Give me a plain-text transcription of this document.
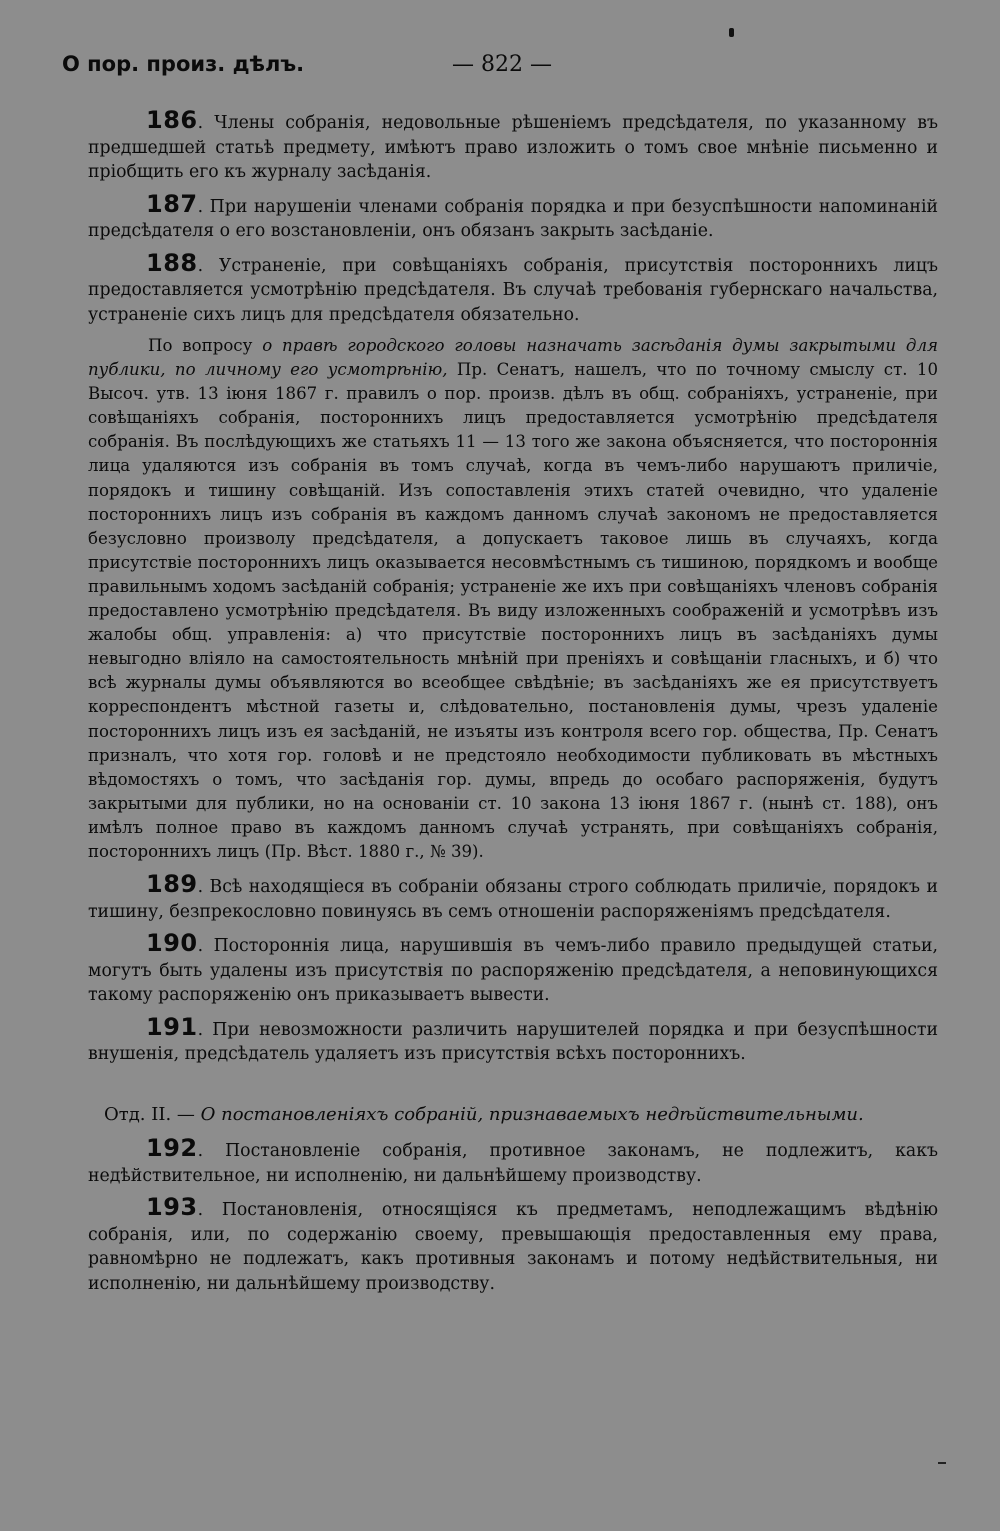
О пор. произ. дѣлъ.	— 822 —

186. Члены собранія, недовольные рѣшеніемъ предсѣдателя, по указанному въ предшедшей статьѣ предмету, имѣютъ право изложить о томъ свое мнѣніе письменно и пріобщить его къ журналу засѣданія.

187. При нарушеніи членами собранія порядка и при безуспѣшности напоминаній предсѣдателя о его возстановленіи, онъ обязанъ закрыть засѣданіе.

188. Устраненіе, при совѣщаніяхъ собранія, присутствія постороннихъ лицъ предоставляется усмотрѣнію предсѣдателя. Въ случаѣ требованія губернскаго начальства, устраненіе сихъ лицъ для предсѣдателя обязательно.

По вопросу о правѣ городского головы назначать засѣданія думы закрытыми для публики, по личному его усмотрѣнію, Пр. Сенатъ, нашелъ, что по точному смыслу ст. 10 Высоч. утв. 13 іюня 1867 г. правилъ о пор. произв. дѣлъ въ общ. собраніяхъ, устраненіе, при совѣщаніяхъ собранія, постороннихъ лицъ предоставляется усмотрѣнію предсѣдателя собранія. Въ послѣдующихъ же статьяхъ 11 — 13 того же закона объясняется, что постороннія лица удаляются изъ собранія въ томъ случаѣ, когда въ чемъ-либо нарушаютъ приличіе, порядокъ и тишину совѣщаній. Изъ сопоставленія этихъ статей очевидно, что удаленіе постороннихъ лицъ изъ собранія въ каждомъ данномъ случаѣ закономъ не предоставляется безусловно произволу предсѣдателя, а допускаетъ таковое лишь въ случаяхъ, когда присутствіе постороннихъ лицъ оказывается несовмѣстнымъ съ тишиною, порядкомъ и вообще правильнымъ ходомъ засѣданій собранія; устраненіе же ихъ при совѣщаніяхъ членовъ собранія предоставлено усмотрѣнію предсѣдателя. Въ виду изложенныхъ соображеній и усмотрѣвъ изъ жалобы общ. управленія: а) что присутствіе постороннихъ лицъ въ засѣданіяхъ думы невыгодно вліяло на самостоятельность мнѣній при преніяхъ и совѣщаніи гласныхъ, и б) что всѣ журналы думы объявляются во всеобщее свѣдѣніе; въ засѣданіяхъ же ея присутствуетъ корреспондентъ мѣстной газеты и, слѣдовательно, постановленія думы, чрезъ удаленіе постороннихъ лицъ изъ ея засѣданій, не изъяты изъ контроля всего гор. общества, Пр. Сенатъ призналъ, что хотя гор. головѣ и не предстояло необходимости публиковать въ мѣстныхъ вѣдомостяхъ о томъ, что засѣданія гор. думы, впредь до особаго распоряженія, будутъ закрытыми для публики, но на основаніи ст. 10 закона 13 іюня 1867 г. (нынѣ ст. 188), онъ имѣлъ полное право въ каждомъ данномъ случаѣ устранять, при совѣщаніяхъ собранія, постороннихъ лицъ (Пр. Вѣст. 1880 г., № 39).

189. Всѣ находящіеся въ собраніи обязаны строго соблюдать приличіе, порядокъ и тишину, безпрекословно повинуясь въ семъ отношеніи распоряженіямъ предсѣдателя.

190. Постороннія лица, нарушившія въ чемъ-либо правило предыдущей статьи, могутъ быть удалены изъ присутствія по распоряженію предсѣдателя, а неповинующихся такому распоряженію онъ приказываетъ вывести.

191. При невозможности различить нарушителей порядка и при безуспѣшности внушенія, предсѣдатель удаляетъ изъ присутствія всѣхъ постороннихъ.

Отд. II. — О постановленіяхъ собраній, признаваемыхъ недѣйствительными.

192. Постановленіе собранія, противное законамъ, не подлежитъ, какъ недѣйствительное, ни исполненію, ни дальнѣйшему производству.

193. Постановленія, относящіяся къ предметамъ, неподлежащимъ вѣдѣнію собранія, или, по содержанію своему, превышающія предоставленныя ему права, равномѣрно не подлежатъ, какъ противныя законамъ и потому недѣйствительныя, ни исполненію, ни дальнѣйшему производству.
